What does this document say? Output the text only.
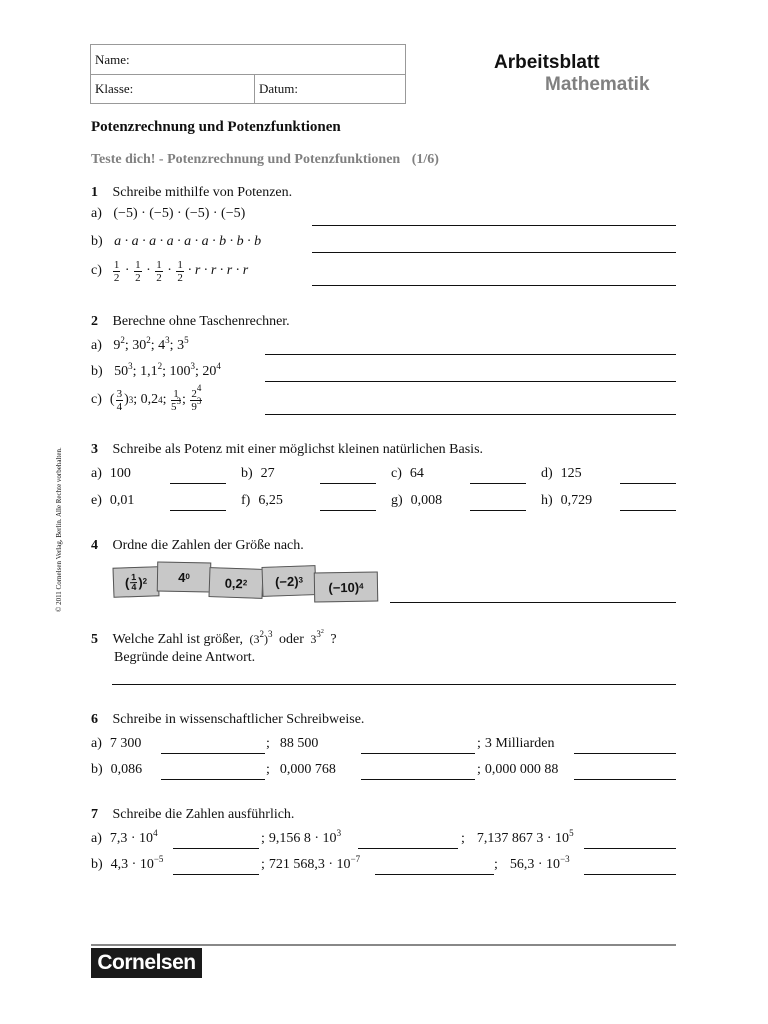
Name:
Klasse:	Datum:
Arbeitsblatt
Mathematik
Potenzrechnung und Potenzfunktionen
Teste dich! - Potenzrechnung und Potenzfunktionen (1/6)
© 2011 Cornelsen Verlag, Berlin. Alle Rechte vorbehalten.
1 Schreibe mithilfe von Potenzen.
a) (−5) · (−5) · (−5) · (−5)
b) a · a · a · a · a · a · b · b · b
$c) \frac{1}{2} \cdot \frac{1}{2} \cdot \frac{1}{2} \cdot \frac{1}{2} \cdot r \cdot r \cdot r \cdot r$
2 Berechne ohne Taschenrechner.
a) $9^2$; $30^2$; $4^3$; $3^5$
b) $50^3$; $1,1^2$; $100^3$; $20^4$
c) ( $\frac{3}{4}$ ) 3 ;
0,2 4 ;
$\frac{1}{5^3}$ ;
$\frac{2^4}{9^3}$
3 Schreibe als Potenz mit einer möglichst kleinen natürlichen Basis.
a) 100	b) 27	c) 64	d) 125
e) 0,01	f) 6,25	g) 0,008	h) 0,729
4 Ordne die Zahlen der Größe nach.
( $\frac{1}{4}$ ) 2 4 0	0,2 2 (−2) 3 (−10) 4
5 Welche Zahl ist größer, $(3^2)^3$ oder $3^{3^2}$ ?
Begründe deine Antwort.
6 Schreibe in wissenschaftlicher Schreibweise.
a) 7 300	; 88 500	; 3 Milliarden
b) 0,086	; 0,000 768	; 0,000 000 88
7 Schreibe die Zahlen ausführlich.
a) $7,3 \cdot 10^4$	; 9,156 $8 \cdot 10^3$	; 7,137 867 $3 \cdot 10^5$
b) $4,3 \cdot 10^{-5}$	; 721 $568,3 \cdot 10^{-7}$	; $56,3 \cdot 10^{-3}$
Cornelsen
